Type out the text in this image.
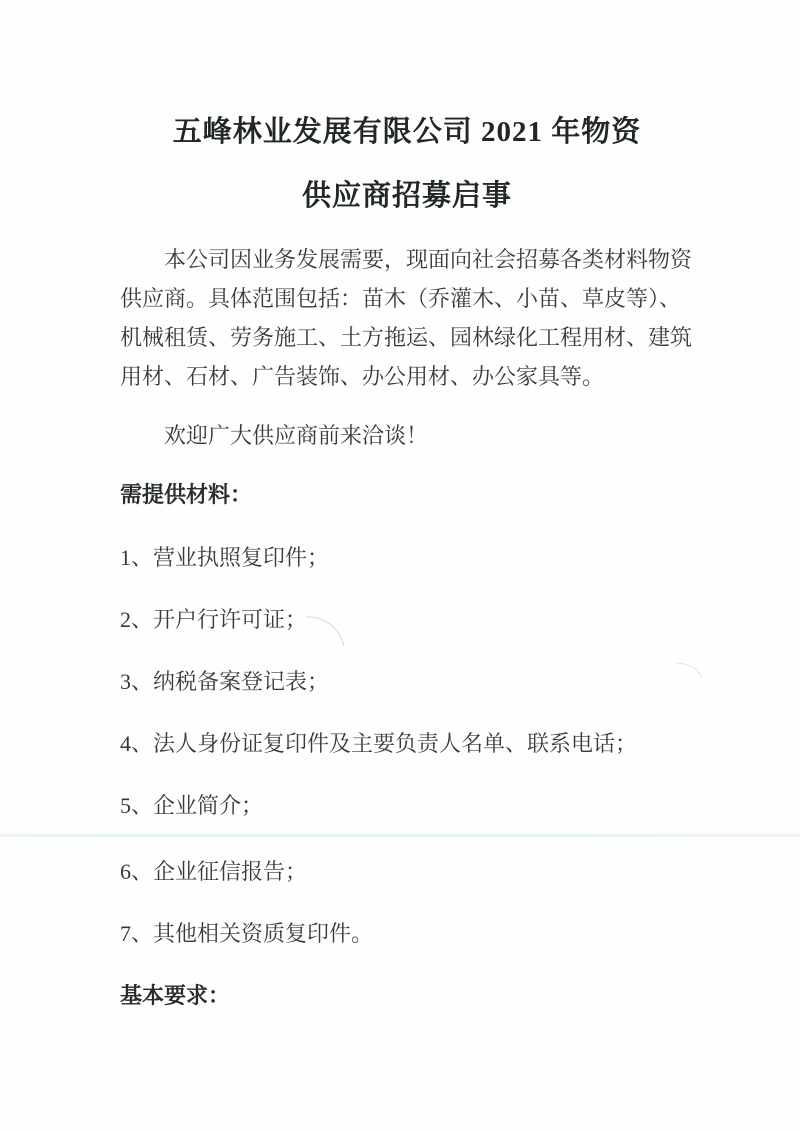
五峰林业发展有限公司 2021 年物资
供应商招募启事
本公司因业务发展需要，现面向社会招募各类材料物资
供应商。具体范围包括：苗木（乔灌木、小苗、草皮等）、
机械租赁、劳务施工、土方拖运、园林绿化工程用材、建筑
用材、石材、广告装饰、办公用材、办公家具等。
欢迎广大供应商前来洽谈！
需提供材料：
1、营业执照复印件；
2、开户行许可证；
3、纳税备案登记表；
4、法人身份证复印件及主要负责人名单、联系电话；
5、企业简介；
6、企业征信报告；
7、其他相关资质复印件。
基本要求：
